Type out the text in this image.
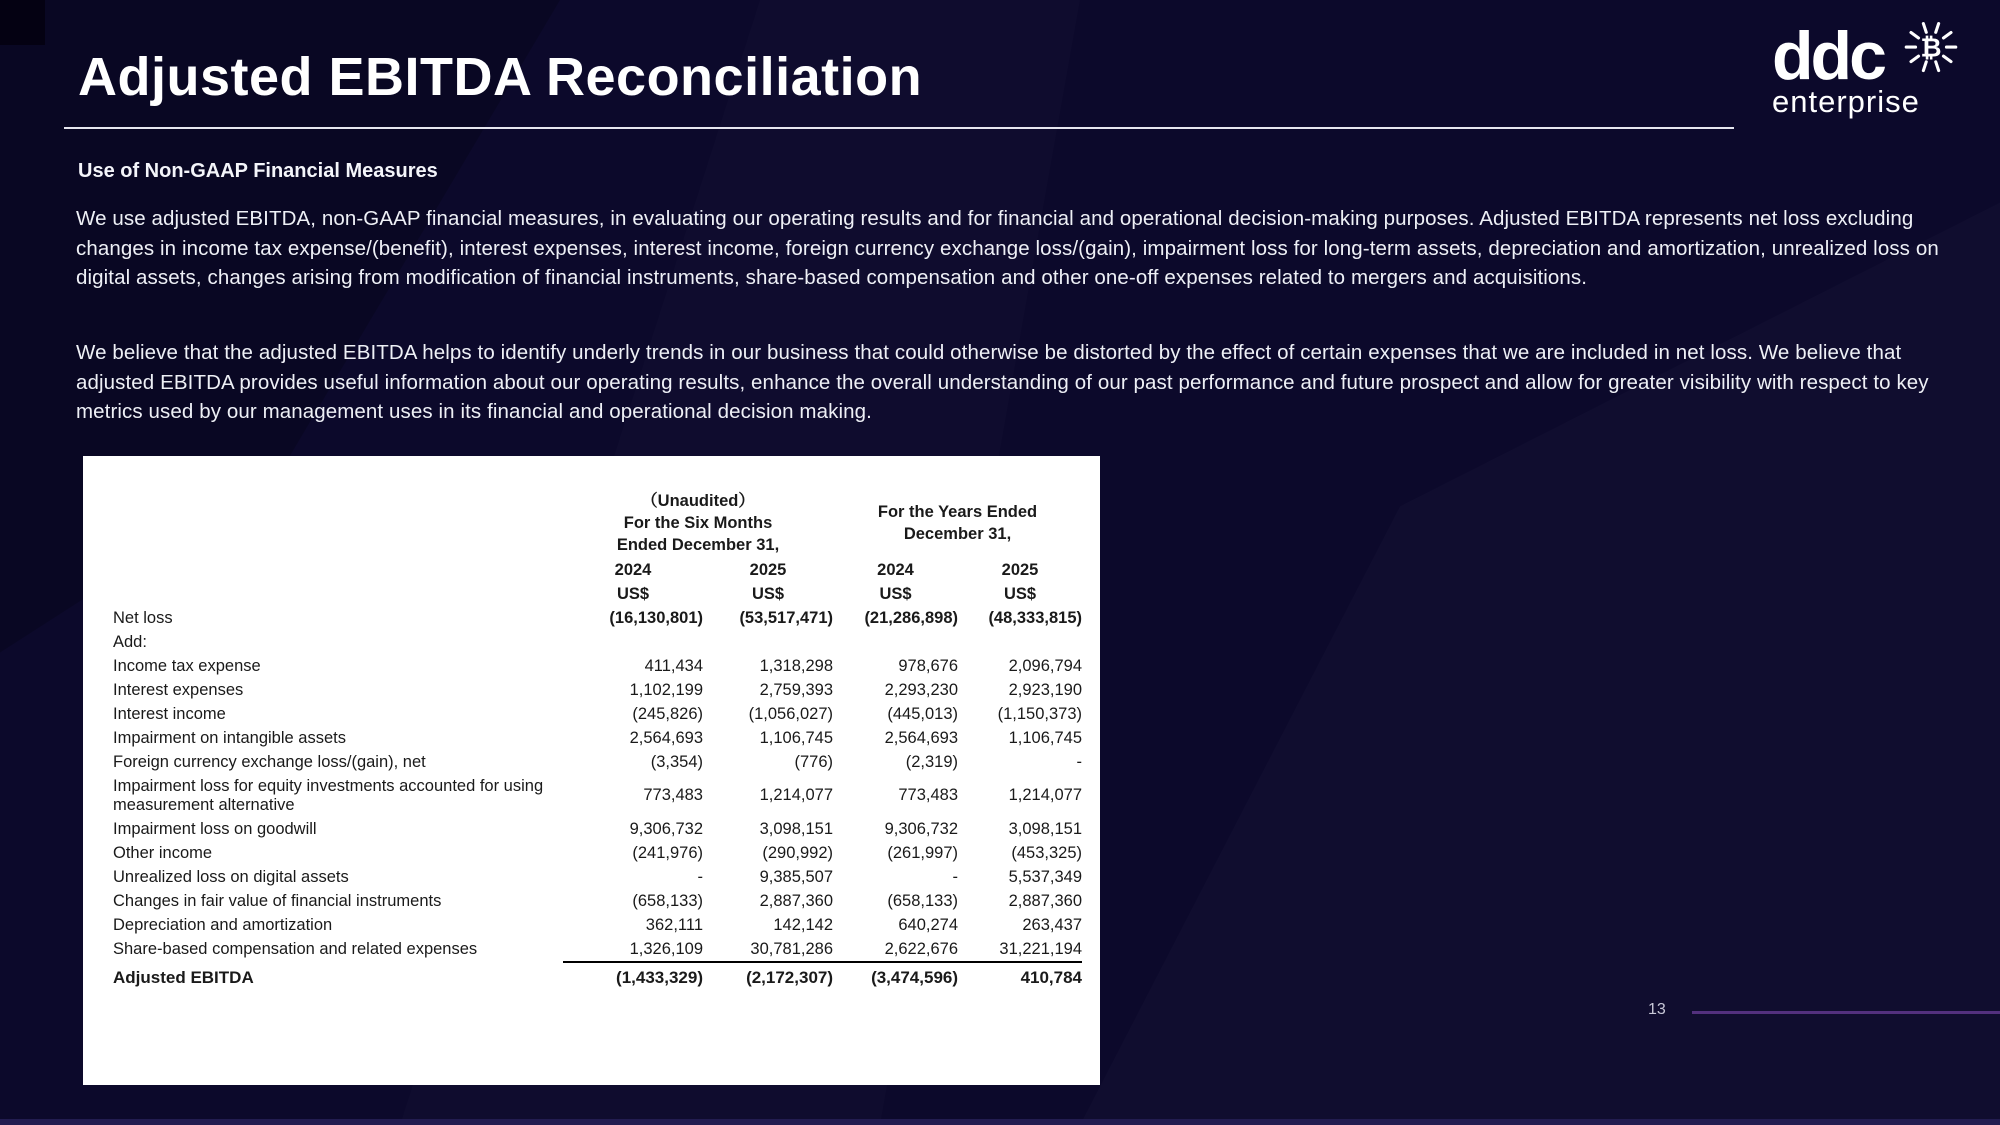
Adjusted EBITDA Reconciliation	ddc	₿
enterprise
Use of Non-GAAP Financial Measures
We use adjusted EBITDA, non-GAAP financial measures, in evaluating our operating results and for financial and operational decision-making purposes. Adjusted EBITDA represents net loss excluding changes in income tax expense/(benefit), interest expenses, interest income, foreign currency exchange loss/(gain), impairment loss for long-term assets, depreciation and amortization, unrealized loss on digital assets, changes arising from modification of financial instruments, share-based compensation and other one-off expenses related to mergers and acquisitions.
We believe that the adjusted EBITDA helps to identify underly trends in our business that could otherwise be distorted by the effect of certain expenses that we are included in net loss. We believe that adjusted EBITDA provides useful information about our operating results, enhance the overall understanding of our past performance and future prospect and allow for greater visibility with respect to key metrics used by our management uses in its financial and operational decision making.

（Unaudited）
For the Six Months
Ended December 31,

For the Years Ended
December 31,

	2024	2025	2024	2025
	US$	US$	US$	US$
Net loss	(16,130,801)	(53,517,471)	(21,286,898)	(48,333,815)
Add:				
Income tax expense	411,434	1,318,298	978,676	2,096,794
Interest expenses	1,102,199	2,759,393	2,293,230	2,923,190
Interest income	(245,826)	(1,056,027)	(445,013)	(1,150,373)
Impairment on intangible assets	2,564,693	1,106,745	2,564,693	1,106,745
Foreign currency exchange loss/(gain), net	(3,354)	(776)	(2,319)	-
Impairment loss for equity investments accounted for using measurement alternative	773,483	1,214,077	773,483	1,214,077
Impairment loss on goodwill	9,306,732	3,098,151	9,306,732	3,098,151
Other income	(241,976)	(290,992)	(261,997)	(453,325)
Unrealized loss on digital assets	-	9,385,507	-	5,537,349
Changes in fair value of financial instruments	(658,133)	2,887,360	(658,133)	2,887,360
Depreciation and amortization	362,111	142,142	640,274	263,437
Share-based compensation and related expenses	1,326,109	30,781,286	2,622,676	31,221,194
Adjusted EBITDA	(1,433,329)	(2,172,307)	(3,474,596)	410,784
13
